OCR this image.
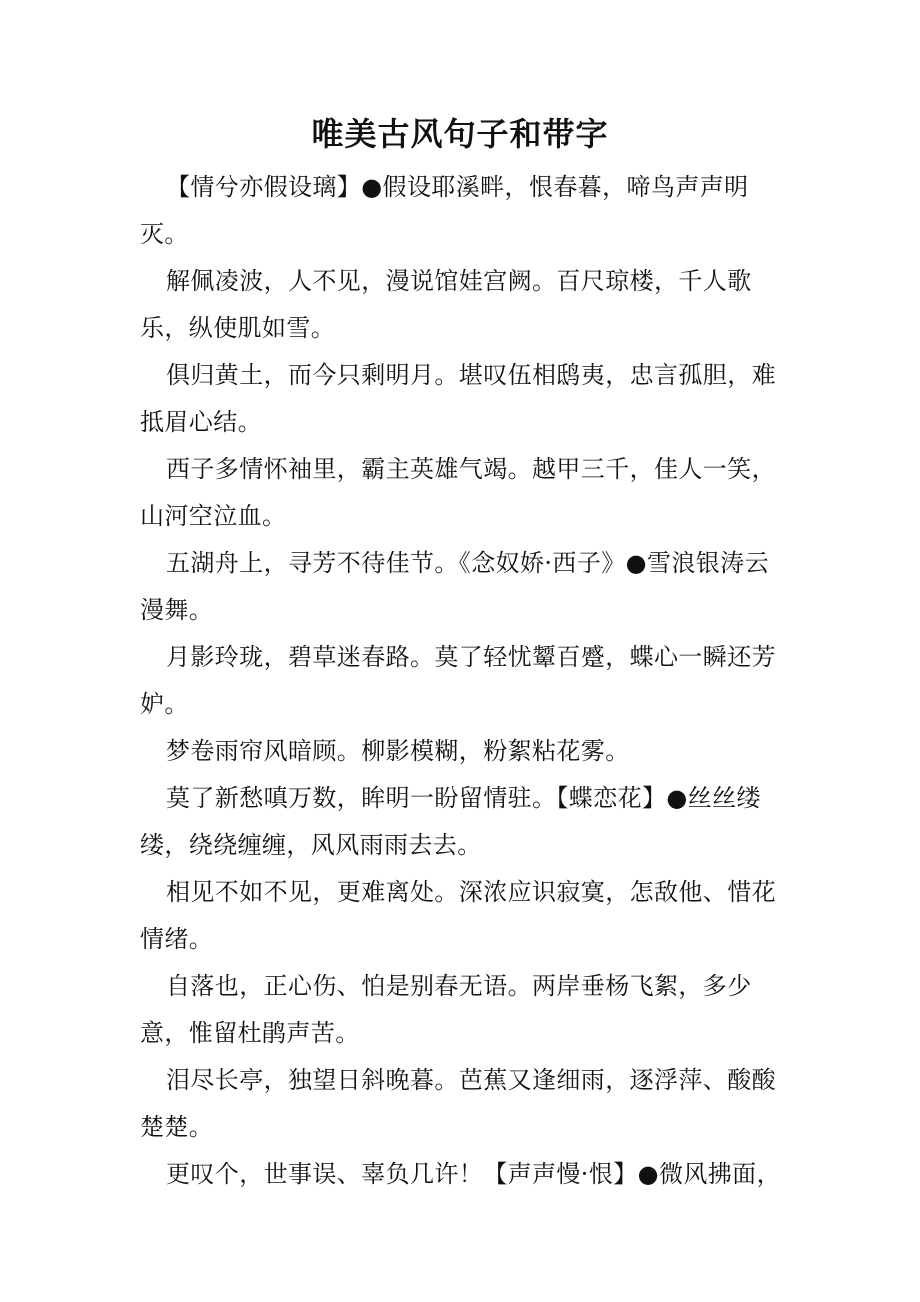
唯美古风句子和带字

【情兮亦假设璃】●假设耶溪畔，恨春暮，啼鸟声声明灭。

解佩凌波，人不见，漫说馆娃宫阙。百尺琼楼，千人歌乐，纵使肌如雪。

俱归黄土，而今只剩明月。堪叹伍相鸱夷，忠言孤胆，难抵眉心结。

西子多情怀袖里，霸主英雄气竭。越甲三千，佳人一笑，山河空泣血。

五湖舟上，寻芳不待佳节。《念奴娇·西子》●雪浪银涛云漫舞。

月影玲珑，碧草迷春路。莫了轻忧颦百蹙，蝶心一瞬还芳妒。

梦卷雨帘风暗顾。柳影模糊，粉絮粘花雾。

莫了新愁嗔万数，眸明一盼留情驻。【蝶恋花】●丝丝缕缕，绕绕缠缠，风风雨雨去去。

相见不如不见，更难离处。深浓应识寂寞，怎敌他、惜花情绪。

自落也，正心伤、怕是别春无语。两岸垂杨飞絮，多少意，惟留杜鹃声苦。

泪尽长亭，独望日斜晚暮。芭蕉又逢细雨，逐浮萍、酸酸楚楚。

更叹个，世事误、辜负几许！【声声慢·恨】●微风拂面，
